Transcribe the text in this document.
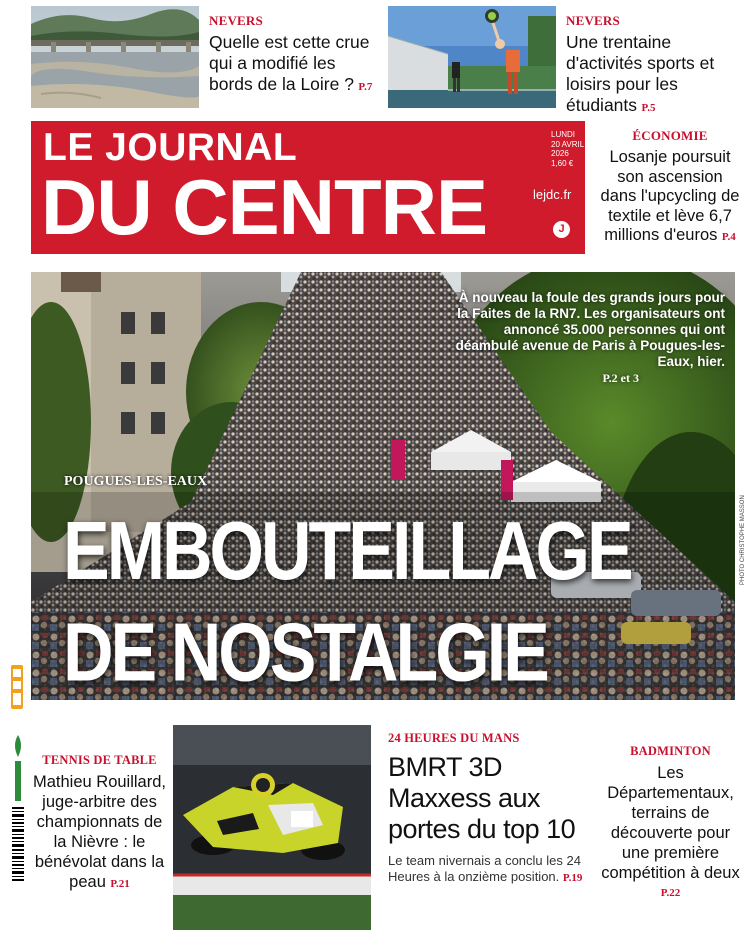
NEVERS
Quelle est cette crue qui a modifié les bords de la Loire ? P.7
NEVERS
Une trentaine d'activités sports et loisirs pour les étudiants P.5
LE JOURNAL
DU CENTRE
LUNDI
20 AVRIL 2026
1,60 €
lejdc.fr
J
ÉCONOMIE
Losanje poursuit son ascension dans l'upcycling de textile et lève 6,7 millions d'euros P.4
À nouveau la foule des grands jours pour la Faites de la RN7. Les organisateurs ont annoncé 35.000 personnes qui ont déambulé avenue de Paris à Pougues-les-Eaux, hier.
P.2 et 3
POUGUES-LES-EAUX
EMBOUTEILLAGE
DE NOSTALGIE
PHOTO CHRISTOPHE MASSON
TENNIS DE TABLE
Mathieu Rouillard, juge-arbitre des championnats de la Nièvre : le bénévolat dans la peau P.21
24 HEURES DU MANS
BMRT 3D Maxxess aux portes du top 10
Le team nivernais a conclu les 24 Heures à la onzième position. P.19
BADMINTON
Les Départementaux, terrains de découverte pour une première compétition à deux P.22
